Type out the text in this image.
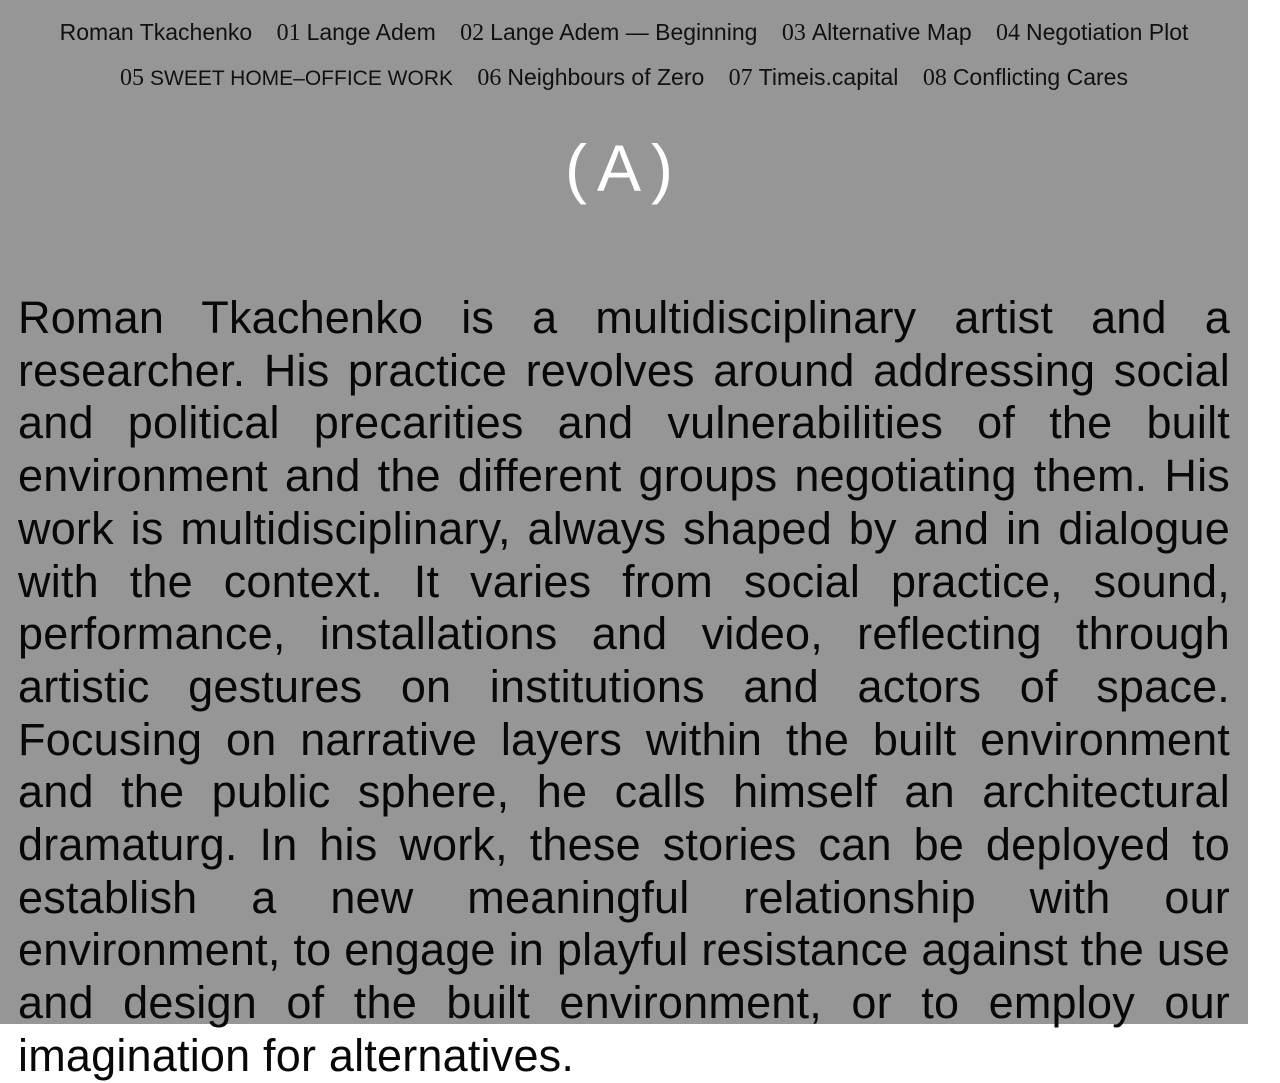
Roman Tkachenko 01 Lange Adem 02 Lange Adem — Beginning 03 Alternative Map 04 Negotiation Plot
05 SWEET HOME–OFFICE WORK 06 Neighbours of Zero 07 Timeis.capital 08 Conflicting Cares
(A)

Roman Tkachenko is a multidisciplinary artist and a researcher. His practice revolves around addressing social and political precarities and vulnerabilities of the built environment and the different groups negotiating them. His work is multidisciplinary, always shaped by and in dialogue with the context. It varies from social practice, sound, performance, installations and video, reflecting through artistic gestures on institutions and actors of space. Focusing on narrative layers within the built environment and the public sphere, he calls himself an architectural dramaturg. In his work, these stories can be deployed to establish a new meaningful relationship with our environment, to engage in playful resistance against the use and design of the built environment, or to employ our imagination for alternatives.
